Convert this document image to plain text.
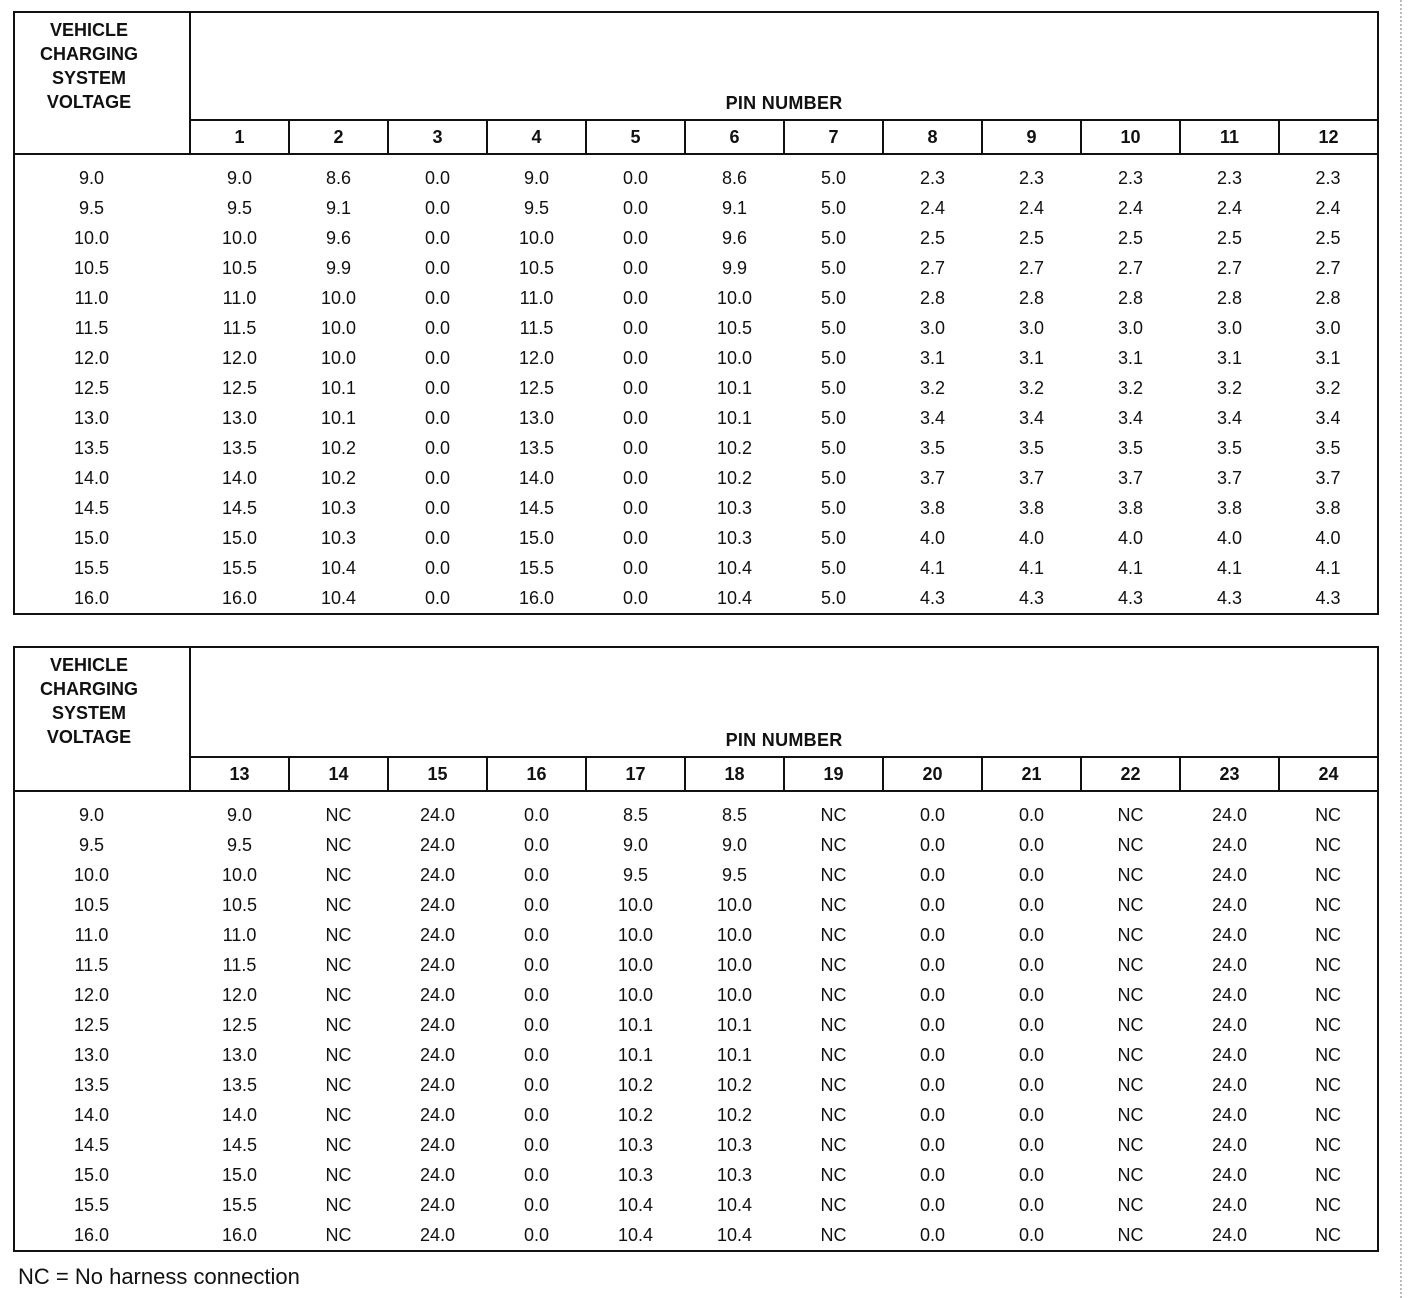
VEHICLE
CHARGING
SYSTEM
VOLTAGE	PIN NUMBER											
	1	2	3	4	5	6	7	8	9	10	11	12

9.0	9.0	8.6	0.0	9.0	0.0	8.6	5.0	2.3	2.3	2.3	2.3	2.3
9.5	9.5	9.1	0.0	9.5	0.0	9.1	5.0	2.4	2.4	2.4	2.4	2.4
10.0	10.0	9.6	0.0	10.0	0.0	9.6	5.0	2.5	2.5	2.5	2.5	2.5
10.5	10.5	9.9	0.0	10.5	0.0	9.9	5.0	2.7	2.7	2.7	2.7	2.7
11.0	11.0	10.0	0.0	11.0	0.0	10.0	5.0	2.8	2.8	2.8	2.8	2.8
11.5	11.5	10.0	0.0	11.5	0.0	10.5	5.0	3.0	3.0	3.0	3.0	3.0
12.0	12.0	10.0	0.0	12.0	0.0	10.0	5.0	3.1	3.1	3.1	3.1	3.1
12.5	12.5	10.1	0.0	12.5	0.0	10.1	5.0	3.2	3.2	3.2	3.2	3.2
13.0	13.0	10.1	0.0	13.0	0.0	10.1	5.0	3.4	3.4	3.4	3.4	3.4
13.5	13.5	10.2	0.0	13.5	0.0	10.2	5.0	3.5	3.5	3.5	3.5	3.5
14.0	14.0	10.2	0.0	14.0	0.0	10.2	5.0	3.7	3.7	3.7	3.7	3.7
14.5	14.5	10.3	0.0	14.5	0.0	10.3	5.0	3.8	3.8	3.8	3.8	3.8
15.0	15.0	10.3	0.0	15.0	0.0	10.3	5.0	4.0	4.0	4.0	4.0	4.0
15.5	15.5	10.4	0.0	15.5	0.0	10.4	5.0	4.1	4.1	4.1	4.1	4.1
16.0	16.0	10.4	0.0	16.0	0.0	10.4	5.0	4.3	4.3	4.3	4.3	4.3
VEHICLE
CHARGING
SYSTEM
VOLTAGE	PIN NUMBER											
	13	14	15	16	17	18	19	20	21	22	23	24

9.0	9.0	NC	24.0	0.0	8.5	8.5	NC	0.0	0.0	NC	24.0	NC
9.5	9.5	NC	24.0	0.0	9.0	9.0	NC	0.0	0.0	NC	24.0	NC
10.0	10.0	NC	24.0	0.0	9.5	9.5	NC	0.0	0.0	NC	24.0	NC
10.5	10.5	NC	24.0	0.0	10.0	10.0	NC	0.0	0.0	NC	24.0	NC
11.0	11.0	NC	24.0	0.0	10.0	10.0	NC	0.0	0.0	NC	24.0	NC
11.5	11.5	NC	24.0	0.0	10.0	10.0	NC	0.0	0.0	NC	24.0	NC
12.0	12.0	NC	24.0	0.0	10.0	10.0	NC	0.0	0.0	NC	24.0	NC
12.5	12.5	NC	24.0	0.0	10.1	10.1	NC	0.0	0.0	NC	24.0	NC
13.0	13.0	NC	24.0	0.0	10.1	10.1	NC	0.0	0.0	NC	24.0	NC
13.5	13.5	NC	24.0	0.0	10.2	10.2	NC	0.0	0.0	NC	24.0	NC
14.0	14.0	NC	24.0	0.0	10.2	10.2	NC	0.0	0.0	NC	24.0	NC
14.5	14.5	NC	24.0	0.0	10.3	10.3	NC	0.0	0.0	NC	24.0	NC
15.0	15.0	NC	24.0	0.0	10.3	10.3	NC	0.0	0.0	NC	24.0	NC
15.5	15.5	NC	24.0	0.0	10.4	10.4	NC	0.0	0.0	NC	24.0	NC
16.0	16.0	NC	24.0	0.0	10.4	10.4	NC	0.0	0.0	NC	24.0	NC
NC = No harness connection
